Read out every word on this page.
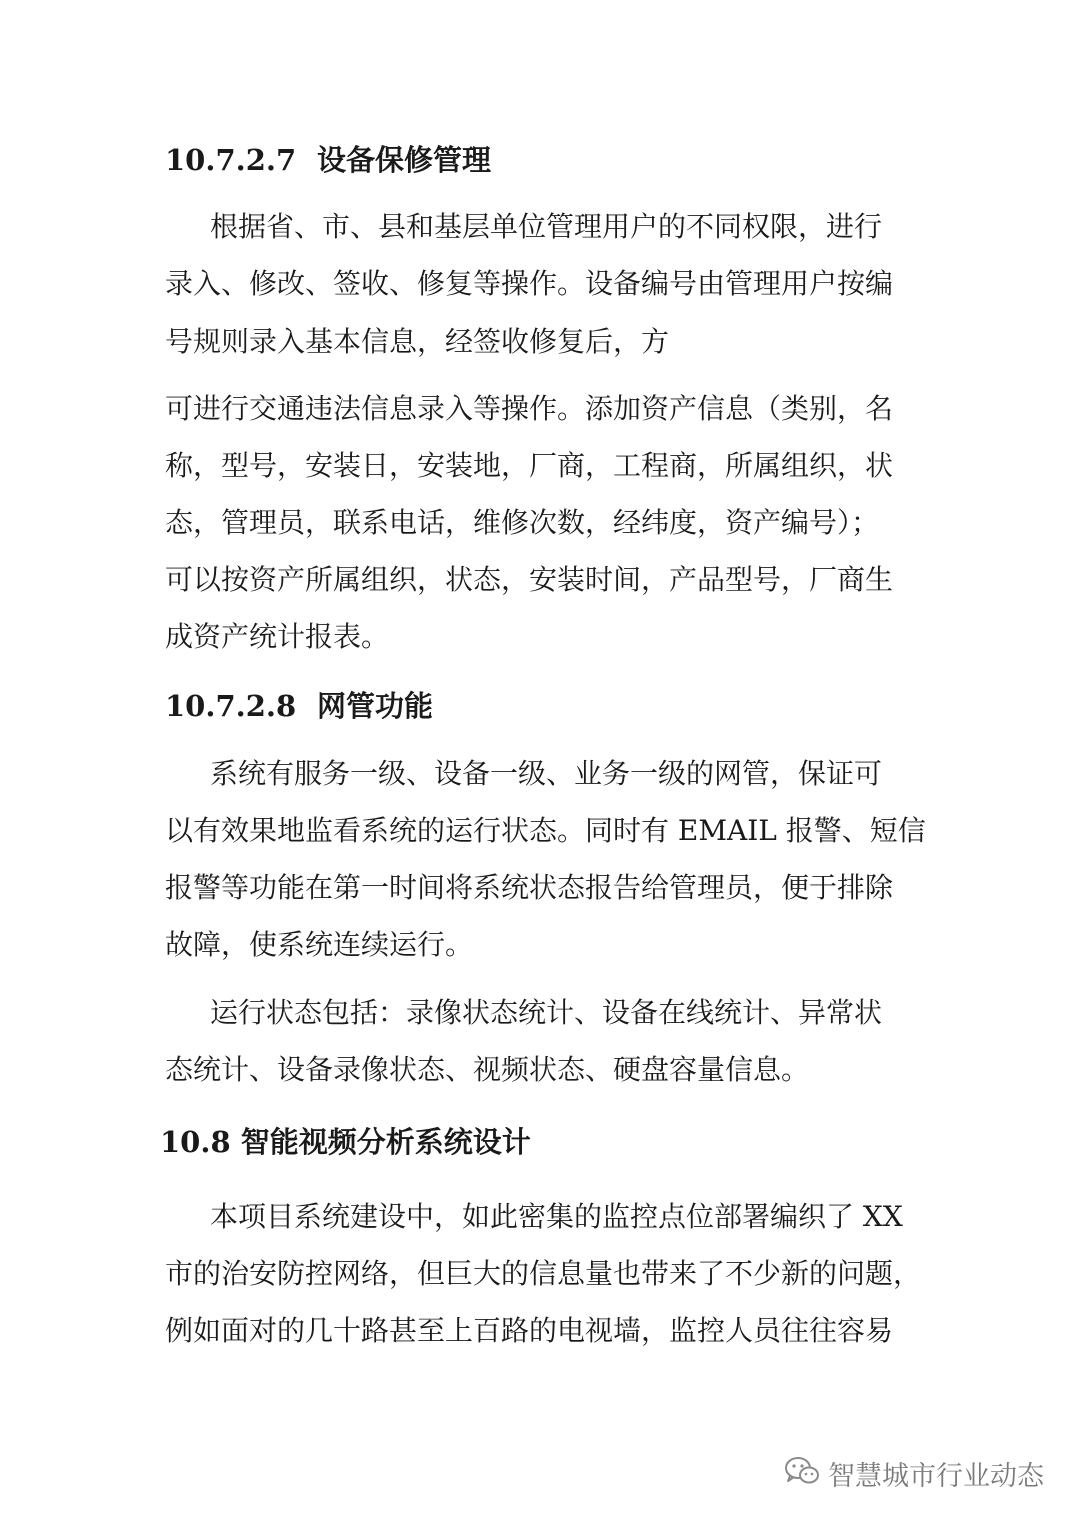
10.7.2.7 设备保修管理
根据省、市、县和基层单位管理用户的不同权限，进行
录入、修改、签收、修复等操作。设备编号由管理用户按编
号规则录入基本信息，经签收修复后，方
可进行交通违法信息录入等操作。添加资产信息（类别，名
称，型号，安装日，安装地，厂商，工程商，所属组织，状
态，管理员，联系电话，维修次数，经纬度，资产编号）；
可以按资产所属组织，状态，安装时间，产品型号，厂商生
成资产统计报表。
10.7.2.8 网管功能
系统有服务一级、设备一级、业务一级的网管，保证可
以有效果地监看系统的运行状态。同时有 EMAIL 报警、短信
报警等功能在第一时间将系统状态报告给管理员，便于排除
故障，使系统连续运行。
运行状态包括：录像状态统计、设备在线统计、异常状
态统计、设备录像状态、视频状态、硬盘容量信息。
10.8 智能视频分析系统设计
本项目系统建设中，如此密集的监控点位部署编织了 XX
市的治安防控网络，但巨大的信息量也带来了不少新的问题，
例如面对的几十路甚至上百路的电视墙，监控人员往往容易
智慧城市行业动态
